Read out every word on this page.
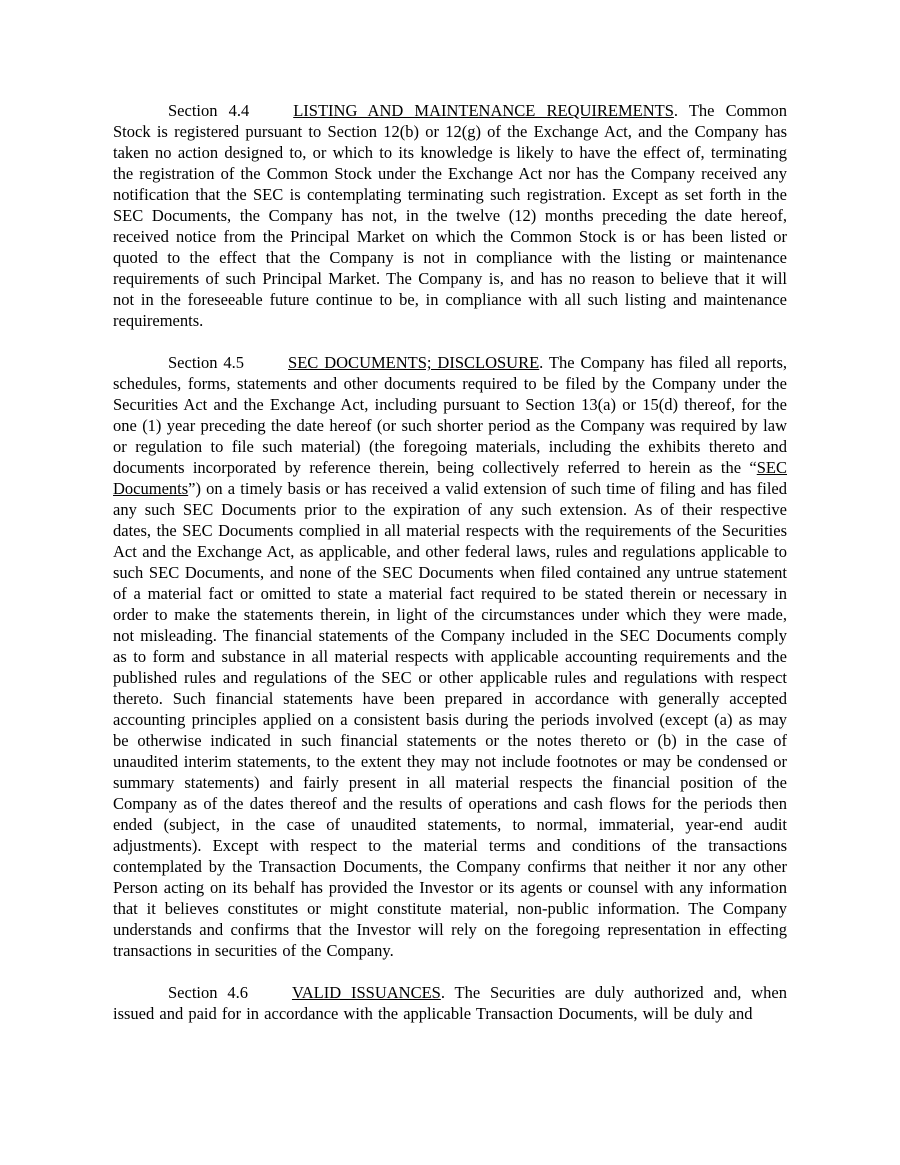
Section 4.4	LISTING AND MAINTENANCE REQUIREMENTS. The Common Stock is registered pursuant to Section 12(b) or 12(g) of the Exchange Act, and the Company has taken no action designed to, or which to its knowledge is likely to have the effect of, terminating the registration of the Common Stock under the Exchange Act nor has the Company received any notification that the SEC is contemplating terminating such registration. Except as set forth in the SEC Documents, the Company has not, in the twelve (12) months preceding the date hereof, received notice from the Principal Market on which the Common Stock is or has been listed or quoted to the effect that the Company is not in compliance with the listing or maintenance requirements of such Principal Market. The Company is, and has no reason to believe that it will not in the foreseeable future continue to be, in compliance with all such listing and maintenance requirements.

Section 4.5	SEC DOCUMENTS; DISCLOSURE. The Company has filed all reports, schedules, forms, statements and other documents required to be filed by the Company under the Securities Act and the Exchange Act, including pursuant to Section 13(a) or 15(d) thereof, for the one (1) year preceding the date hereof (or such shorter period as the Company was required by law or regulation to file such material) (the foregoing materials, including the exhibits thereto and documents incorporated by reference therein, being collectively referred to herein as the “SEC Documents”) on a timely basis or has received a valid extension of such time of filing and has filed any such SEC Documents prior to the expiration of any such extension. As of their respective dates, the SEC Documents complied in all material respects with the requirements of the Securities Act and the Exchange Act, as applicable, and other federal laws, rules and regulations applicable to such SEC Documents, and none of the SEC Documents when filed contained any untrue statement of a material fact or omitted to state a material fact required to be stated therein or necessary in order to make the statements therein, in light of the circumstances under which they were made, not misleading. The financial statements of the Company included in the SEC Documents comply as to form and substance in all material respects with applicable accounting requirements and the published rules and regulations of the SEC or other applicable rules and regulations with respect thereto. Such financial statements have been prepared in accordance with generally accepted accounting principles applied on a consistent basis during the periods involved (except (a) as may be otherwise indicated in such financial statements or the notes thereto or (b) in the case of unaudited interim statements, to the extent they may not include footnotes or may be condensed or summary statements) and fairly present in all material respects the financial position of the Company as of the dates thereof and the results of operations and cash flows for the periods then ended (subject, in the case of unaudited statements, to normal, immaterial, year-end audit adjustments). Except with respect to the material terms and conditions of the transactions contemplated by the Transaction Documents, the Company confirms that neither it nor any other Person acting on its behalf has provided the Investor or its agents or counsel with any information that it believes constitutes or might constitute material, non-public information. The Company understands and confirms that the Investor will rely on the foregoing representation in effecting transactions in securities of the Company.

Section 4.6	VALID ISSUANCES. The Securities are duly authorized and, when issued and paid for in accordance with the applicable Transaction Documents, will be duly and
